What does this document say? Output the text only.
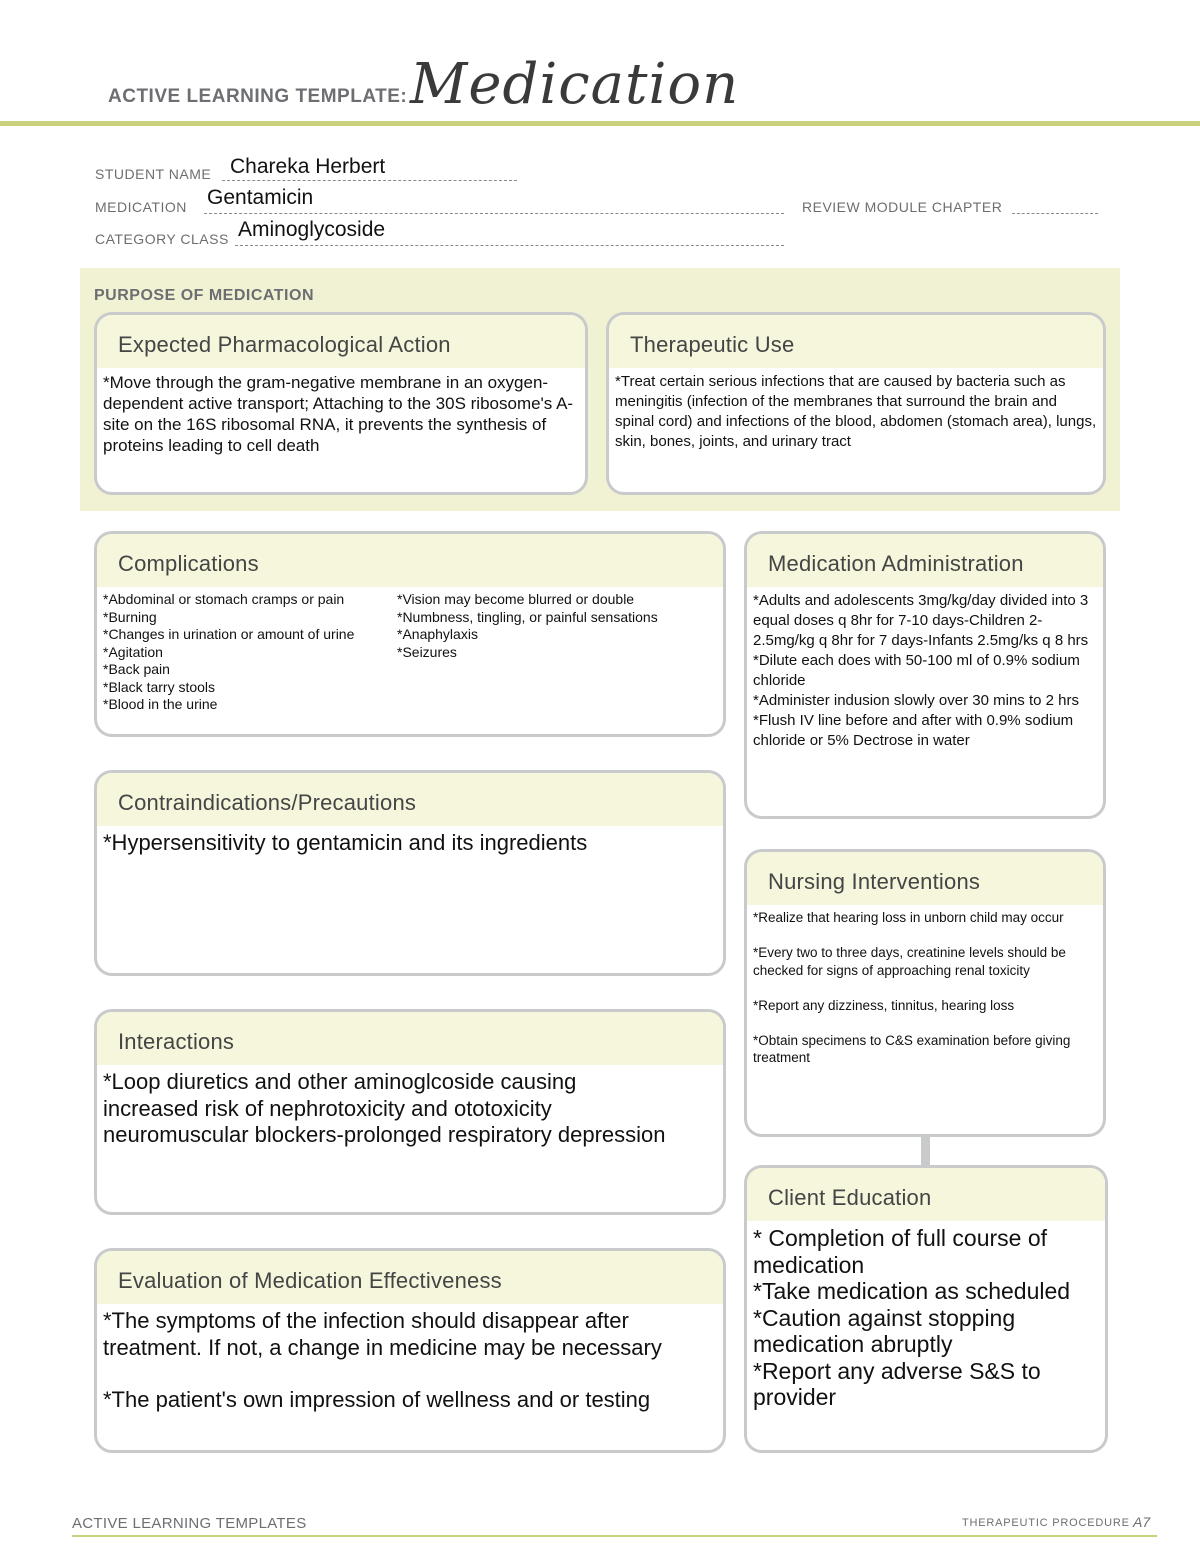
ACTIVE LEARNING TEMPLATE: Medication
STUDENT NAME Chareka Herbert
MEDICATION Gentamicin	REVIEW MODULE CHAPTER
CATEGORY CLASS Aminoglycoside
PURPOSE OF MEDICATION
Expected Pharmacological Action
*Move through the gram-negative membrane in an oxygen-dependent active transport; Attaching to the 30S ribosome's A-site on the 16S ribosomal RNA, it prevents the synthesis of proteins leading to cell death
Therapeutic Use
*Treat certain serious infections that are caused by bacteria such as meningitis (infection of the membranes that surround the brain and spinal cord) and infections of the blood, abdomen (stomach area), lungs, skin, bones, joints, and urinary tract
Complications

*Abdominal or stomach cramps or pain

*Burning

*Changes in urination or amount of urine

*Agitation

*Back pain

*Black tarry stools

*Blood in the urine

*Vision may become blurred or double

*Numbness, tingling, or painful sensations

*Anaphylaxis

*Seizures

Medication Administration

*Adults and adolescents 3mg/kg/day divided into 3 equal doses q 8hr for 7-10 days-Children 2-2.5mg/kg q 8hr for 7 days-Infants 2.5mg/ks q 8 hrs

*Dilute each does with 50-100 ml of 0.9% sodium chloride

*Administer indusion slowly over 30 mins to 2 hrs

*Flush IV line before and after with 0.9% sodium chloride or 5% Dectrose in water

Contraindications/Precautions
*Hypersensitivity to gentamicin and its ingredients
Nursing Interventions

*Realize that hearing loss in unborn child may occur

*Every two to three days, creatinine levels should be checked for signs of approaching renal toxicity

*Report any dizziness, tinnitus, hearing loss

*Obtain specimens to C&S examination before giving treatment

Interactions

*Loop diuretics and other aminoglcoside causing

increased risk of nephrotoxicity and ototoxicity

neuromuscular blockers-prolonged respiratory depression

Client Education

* Completion of full course of medication

*Take medication as scheduled

*Caution against stopping medication abruptly

*Report any adverse S&S to provider

Evaluation of Medication Effectiveness

*The symptoms of the infection should disappear after treatment. If not, a change in medicine may be necessary

*The patient's own impression of wellness and or testing

ACTIVE LEARNING TEMPLATES	THERAPEUTIC PROCEDURE A7
